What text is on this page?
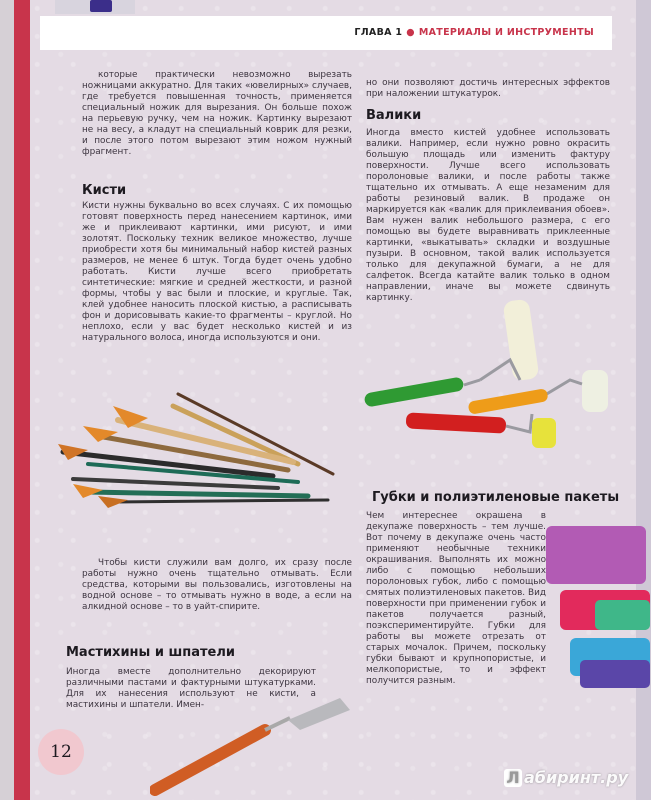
ГЛАВА 1 ● МАТЕРИАЛЫ И ИНСТРУМЕНТЫ
которые практически невозможно вырезать ножницами аккуратно. Для таких «ювелирных» случаев, где требуется повышенная точность, применяется специальный ножик для вырезания. Он больше похож на перьевую ручку, чем на ножик. Картинку вырезают не на весу, а кладут на специальный коврик для резки, и после этого потом вырезают этим ножом нужный фрагмент.
Кисти
Кисти нужны буквально во всех случаях. С их помощью готовят поверхность перед нанесением картинок, ими же и приклеивают картинки, ими рисуют, и ими золотят. Поскольку техник великое множество, лучше приобрести хотя бы минимальный набор кистей разных размеров, не менее 6 штук. Тогда будет очень удобно работать. Кисти лучше всего приобретать синтетические: мягкие и средней жесткости, и разной формы, чтобы у вас были и плоские, и круглые. Так, клей удобнее наносить плоской кистью, а расписывать фон и дорисовывать какие-то фрагменты – круглой. Но неплохо, если у вас будет несколько кистей и из натурального волоса, иногда используются и они.
Чтобы кисти служили вам долго, их сразу после работы нужно очень тщательно отмывать. Если средства, которыми вы пользовались, изготовлены на водной основе – то отмывать нужно в воде, а если на алкидной основе – то в уайт-спирите.
Мастихины и шпатели
Иногда вместе дополнительно декорируют различными пастами и фактурными штукатурками. Для их нанесения используют не кисти, а мастихины и шпатели. Имен-
12
но они позволяют достичь интересных эффектов при наложении штукатурок.
Валики
Иногда вместо кистей удобнее использовать валики. Например, если нужно ровно окрасить большую площадь или изменить фактуру поверхности. Лучше всего использовать поролоновые валики, и после работы также тщательно их отмывать. А еще незаменим для работы резиновый валик. В продаже он маркируется как «валик для приклеивания обоев». Вам нужен валик небольшого размера, с его помощью вы будете выравнивать приклеенные картинки, «выкатывать» складки и воздушные пузыри. В основном, такой валик используется только для декупажной бумаги, а не для салфеток. Всегда катайте валик только в одном направлении, иначе вы можете сдвинуть картинку.
Губки и полиэтиленовые пакеты
Чем интереснее окрашена в декупаже поверхность – тем лучше. Вот почему в декупаже очень часто применяют необычные техники окрашивания. Выполнять их можно либо с помощью небольших поролоновых губок, либо с помощью смятых полиэтиленовых пакетов. Вид поверхности при применении губок и пакетов получается разный, поэкспериментируйте. Губки для работы вы можете отрезать от старых мочалок. Причем, поскольку губки бывают и крупнопористые, и мелкопористые, то и эффект получится разным.
Л абиринт.ру
